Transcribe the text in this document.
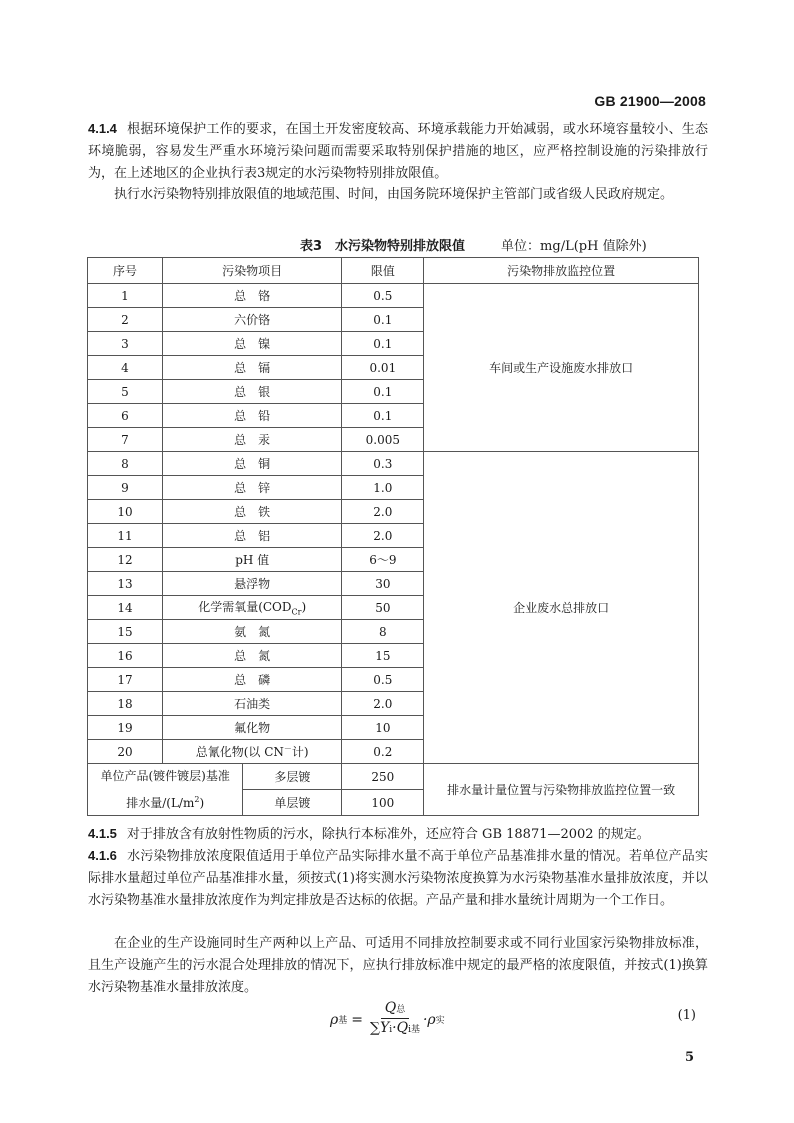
GB 21900—2008
4.1.4 根据环境保护工作的要求，在国土开发密度较高、环境承载能力开始减弱，或水环境容量较小、生态环境脆弱，容易发生严重水环境污染问题而需要采取特别保护措施的地区，应严格控制设施的污染排放行为，在上述地区的企业执行表3规定的水污染物特别排放限值。
执行水污染物特别排放限值的地域范围、时间，由国务院环境保护主管部门或省级人民政府规定。
表3　水污染物特别排放限值	单位：mg/L(pH 值除外)
序号	污染物项目		限值	污染物排放监控位置
1	总　铬		0.5	车间或生产设施废水排放口
2	六价铬		0.1	
3	总　镍		0.1	
4	总　镉		0.01	
5	总　银		0.1	
6	总　铅		0.1	
7	总　汞		0.005	
8	总　铜		0.3	企业废水总排放口
9	总　锌		1.0	
10	总　铁		2.0	
11	总　铝		2.0	
12	pH 值		6～9	
13	悬浮物		30	
14	化学需氧量$(COD_{Cr})$		50	
15	氨　氮		8	
16	总　氮		15	
17	总　磷		0.5	
18	石油类		2.0	
19	氟化物		10	
20	总氰化物(以 CN－计)		0.2	

单位产品(镀件镀层)基准
排水量$/(L/m^2)$		多层镀	250	排水量计量位置与污染物排放监控位置一致
		单层镀	100	
4.1.5 对于排放含有放射性物质的污水，除执行本标准外，还应符合 GB 18871—2002 的规定。
4.1.6 水污染物排放浓度限值适用于单位产品实际排水量不高于单位产品基准排水量的情况。若单位产品实际排水量超过单位产品基准排水量，须按式(1)将实测水污染物浓度换算为水污染物基准水量排放浓度，并以水污染物基准水量排放浓度作为判定排放是否达标的依据。产品产量和排水量统计周期为一个工作日。
在企业的生产设施同时生产两种以上产品、可适用不同排放控制要求或不同行业国家污染物排放标准，且生产设施产生的污水混合处理排放的情况下，应执行排放标准中规定的最严格的浓度限值，并按式(1)换算水污染物基准水量排放浓度。
ρ 基 = $\frac{\text{Q总}}{\text{∑Yi·Qi基}} \cdot\rho$ 实	(1)
5
